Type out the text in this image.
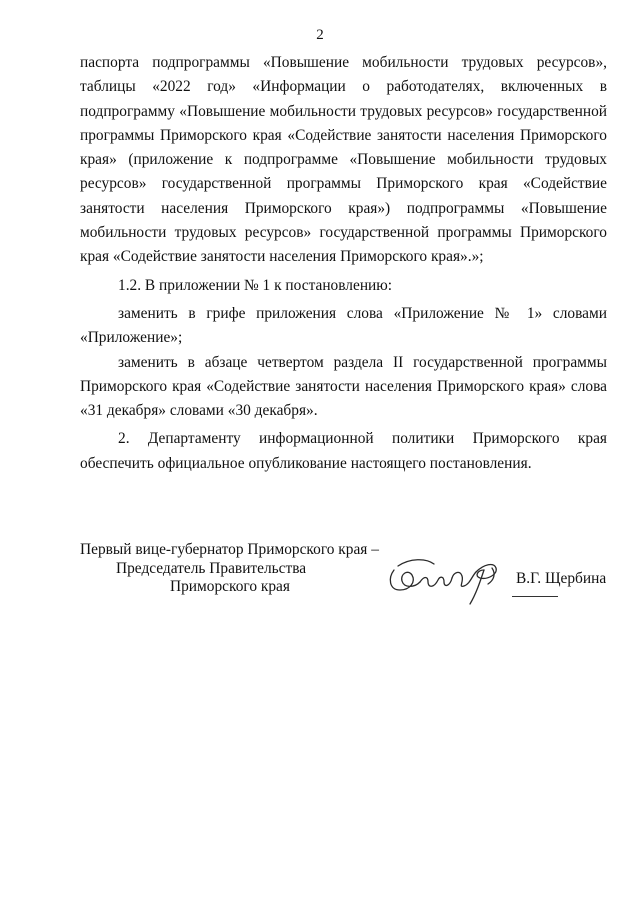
2

паспорта подпрограммы «Повышение мобильности трудовых ресурсов», таблицы «2022 год» «Информации о работодателях, включенных в подпрограмму «Повышение мобильности трудовых ресурсов» государственной программы Приморского края «Содействие занятости населения Приморского края» (приложение к подпрограмме «Повышение мобильности трудовых ресурсов» государственной программы Приморского края «Содействие занятости населения Приморского края») подпрограммы «Повышение мобильности трудовых ресурсов» государственной программы Приморского края «Содействие занятости населения Приморского края».»;

1.2. В приложении № 1 к постановлению:

заменить в грифе приложения слова «Приложение № 1» словами «Приложение»;

заменить в абзаце четвертом раздела II государственной программы Приморского края «Содействие занятости населения Приморского края» слова «31 декабря» словами «30 декабря».

2. Департаменту информационной политики Приморского края обеспечить официальное опубликование настоящего постановления.

Первый вице-губернатор Приморского края –
Председатель Правительства
Приморского края	В.Г. Щербина
